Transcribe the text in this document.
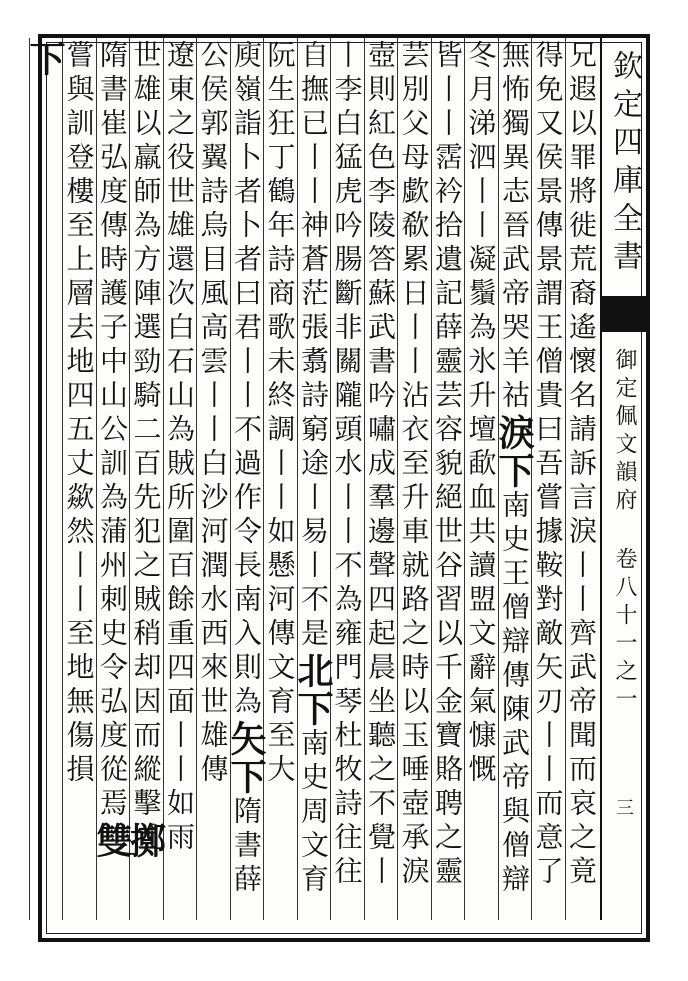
兄遐以罪將徙荒裔遙懷名請訴言淚丨丨齊武帝聞而哀之竟
得免又侯景傳景謂王僧貴曰吾嘗據鞍對敵矢刃丨丨而意了
無怖獨異志晉武帝哭羊祜淚下南史王僧辯傳陳武帝與僧辯
冬月涕泗丨丨凝鬚為氷升壇歃血共讀盟文辭氣慷慨
皆丨丨霑衿拾遺記薛靈芸容貌絕世谷習以千金寶賂聘之靈
芸別父母歔欷累日丨丨沾衣至升車就路之時以玉唾壺承淚
壺則紅色李陵答蘇武書吟嘯成羣邊聲四起晨坐聽之不覺丨
丨李白猛虎吟腸斷非關隴頭水丨丨不為雍門琴杜牧詩往往
自撫已丨丨神蒼茫張翥詩窮途丨易丨不是北下南史周文育
阮生狂丁鶴年詩商歌未終調丨丨如懸河傳文育至大
庾嶺詣卜者卜者曰君丨丨不過作令長南入則為矢下隋書薛
公侯郭翼詩烏目風高雲丨丨白沙河潤水西來世雄傳
遼東之役世雄還次白石山為賊所圍百餘重四面丨丨如雨
世雄以羸師為方陣選勁騎二百先犯之賊稍却因而縱擊擲
隋書崔弘度傳時護子中山公訓為蒲州刺史令弘度從焉雙
嘗與訓登樓至上層去地四五丈歘然丨丨至地無傷損
下	欽定四庫全書
御定佩文韻府 卷八十一之一
三
